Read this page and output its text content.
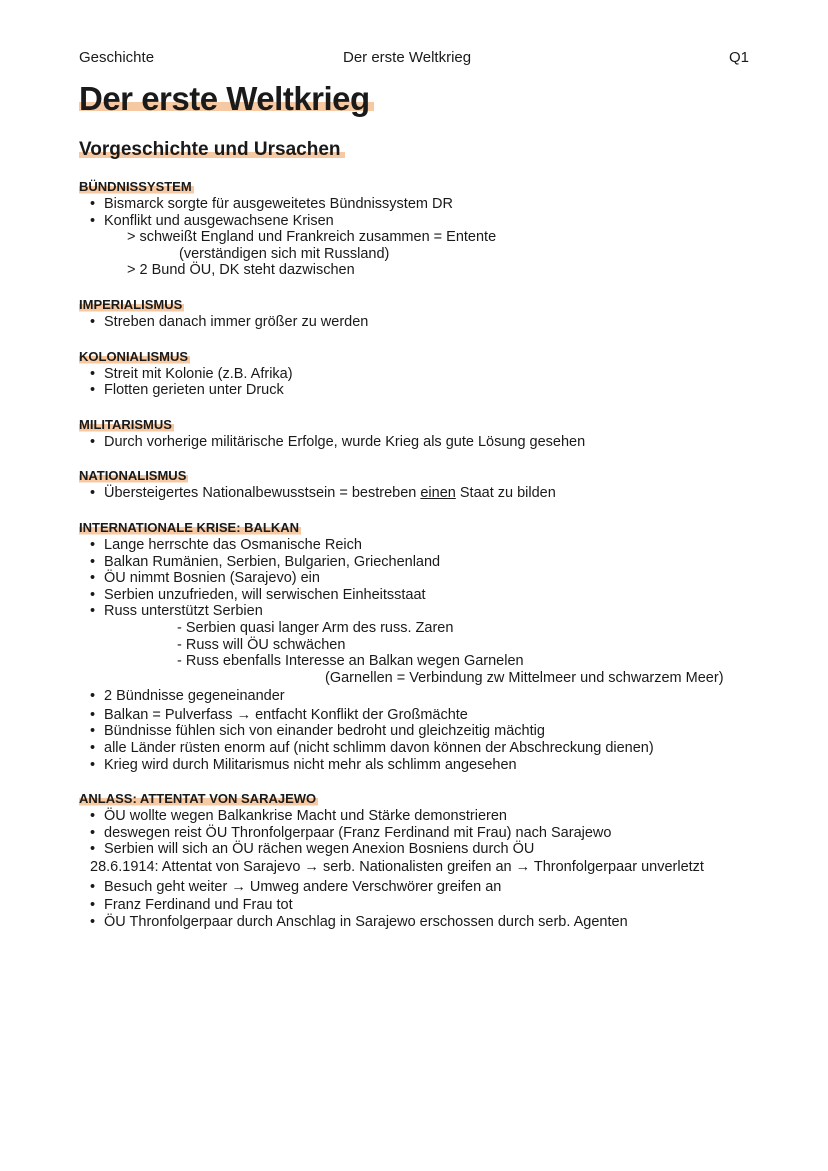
Geschichte	Der erste Weltkrieg	Q1
Der erste Weltkrieg
Vorgeschichte und Ursachen
BÜNDNISSYSTEM
• Bismarck sorgte für ausgeweitetes Bündnissystem DR
• Konflikt und ausgewachsene Krisen
> schweißt England und Frankreich zusammen = Entente
(verständigen sich mit Russland)
> 2 Bund ÖU, DK steht dazwischen
IMPERIALISMUS
• Streben danach immer größer zu werden
KOLONIALISMUS
• Streit mit Kolonie (z.B. Afrika)
• Flotten gerieten unter Druck
MILITARISMUS
• Durch vorherige militärische Erfolge, wurde Krieg als gute Lösung gesehen
NATIONALISMUS
• Übersteigertes Nationalbewusstsein = bestreben einen Staat zu bilden
INTERNATIONALE KRISE: BALKAN
• Lange herrschte das Osmanische Reich
• Balkan Rumänien, Serbien, Bulgarien, Griechenland
• ÖU nimmt Bosnien (Sarajevo) ein
• Serbien unzufrieden, will serwischen Einheitsstaat
• Russ unterstützt Serbien
- Serbien quasi langer Arm des russ. Zaren
- Russ will ÖU schwächen
- Russ ebenfalls Interesse an Balkan wegen Garnelen
(Garnellen = Verbindung zw Mittelmeer und schwarzem Meer)
• 2 Bündnisse gegeneinander
• Balkan = Pulverfass → entfacht Konflikt der Großmächte
• Bündnisse fühlen sich von einander bedroht und gleichzeitig mächtig
• alle Länder rüsten enorm auf (nicht schlimm davon können der Abschreckung dienen)
• Krieg wird durch Militarismus nicht mehr als schlimm angesehen
ANLASS: ATTENTAT VON SARAJEWO
• ÖU wollte wegen Balkankrise Macht und Stärke demonstrieren
• deswegen reist ÖU Thronfolgerpaar (Franz Ferdinand mit Frau) nach Sarajewo
• Serbien will sich an ÖU rächen wegen Anexion Bosniens durch ÖU
28.6.1914: Attentat von Sarajevo → serb. Nationalisten greifen an → Thronfolgerpaar unverletzt
• Besuch geht weiter → Umweg andere Verschwörer greifen an
• Franz Ferdinand und Frau tot
• ÖU Thronfolgerpaar durch Anschlag in Sarajewo erschossen durch serb. Agenten
